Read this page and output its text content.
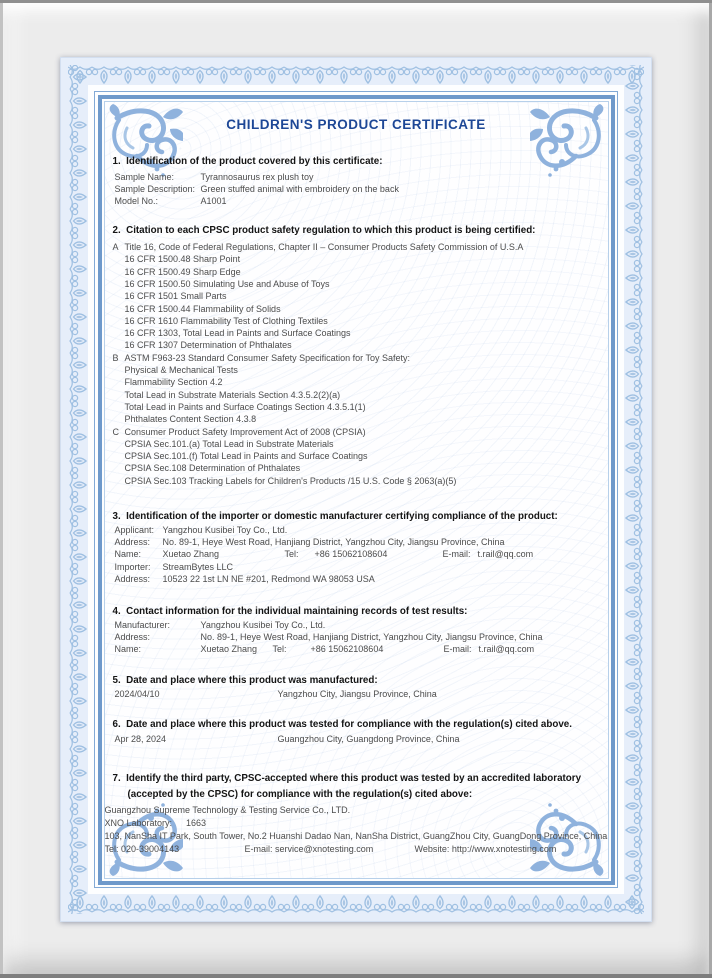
CHILDREN'S PRODUCT CERTIFICATE
1.  Identification of the product covered by this certificate:
Sample Name:	Tyrannosaurus rex plush toy
Sample Description: Green stuffed animal with embroidery on the back
Model No.:	A1001
2.  Citation to each CPSC product safety regulation to which this product is being certified:
A Title 16, Code of Federal Regulations, Chapter II – Consumer Products Safety Commission of U.S.A
16 CFR 1500.48 Sharp Point
16 CFR 1500.49 Sharp Edge
16 CFR 1500.50 Simulating Use and Abuse of Toys
16 CFR 1501 Small Parts
16 CFR 1500.44 Flammability of Solids
16 CFR 1610 Flammability Test of Clothing Textiles
16 CFR 1303, Total Lead in Paints and Surface Coatings
16 CFR 1307 Determination of Phthalates
B ASTM F963-23 Standard Consumer Safety Specification for Toy Safety:
Physical & Mechanical Tests
Flammability Section 4.2
Total Lead in Substrate Materials Section 4.3.5.2(2)(a)
Total Lead in Paints and Surface Coatings Section 4.3.5.1(1)
Phthalates Content Section 4.3.8
C Consumer Product Safety Improvement Act of 2008 (CPSIA)
CPSIA Sec.101.(a) Total Lead in Substrate Materials
CPSIA Sec.101.(f) Total Lead in Paints and Surface Coatings
CPSIA Sec.108 Determination of Phthalates
CPSIA Sec.103 Tracking Labels for Children's Products /15 U.S. Code § 2063(a)(5)
3.  Identification of the importer or domestic manufacturer certifying compliance of the product:
Applicant: Yangzhou Kusibei Toy Co., Ltd.
Address:	No. 89-1, Heye West Road, Hanjiang District, Yangzhou City, Jiangsu Province, China
Name:	Xuetao Zhang	Tel:	+86 15062108604	E-mail: t.rail@qq.com
Importer:	StreamBytes LLC
Address:	10523 22 1st LN NE #201, Redmond WA 98053 USA
4.  Contact information for the individual maintaining records of test results:
Manufacturer:	Yangzhou Kusibei Toy Co., Ltd.
Address:	No. 89-1, Heye West Road, Hanjiang District, Yangzhou City, Jiangsu Province, China
Name:	Xuetao Zhang	Tel:	+86 15062108604	E-mail: t.rail@qq.com
5.  Date and place where this product was manufactured:
2024/04/10	Yangzhou City, Jiangsu Province, China
6.  Date and place where this product was tested for compliance with the regulation(s) cited above.
Apr 28, 2024	Guangzhou City, Guangdong Province, China
7.  Identify the third party, CPSC-accepted where this product was tested by an accredited laboratory
(accepted by the CPSC) for compliance with the regulation(s) cited above:
Guangzhou Supreme Technology & Testing Service Co., LTD.
XNO Laboratory: 1663
103, NanSha IT Park, South Tower, No.2 Huanshi Dadao Nan, NanSha District, GuangZhou City, GuangDong Province, China
Tel: 020-39004143	E-mail: service@xnotesting.com	Website: http://www.xnotesting.com
